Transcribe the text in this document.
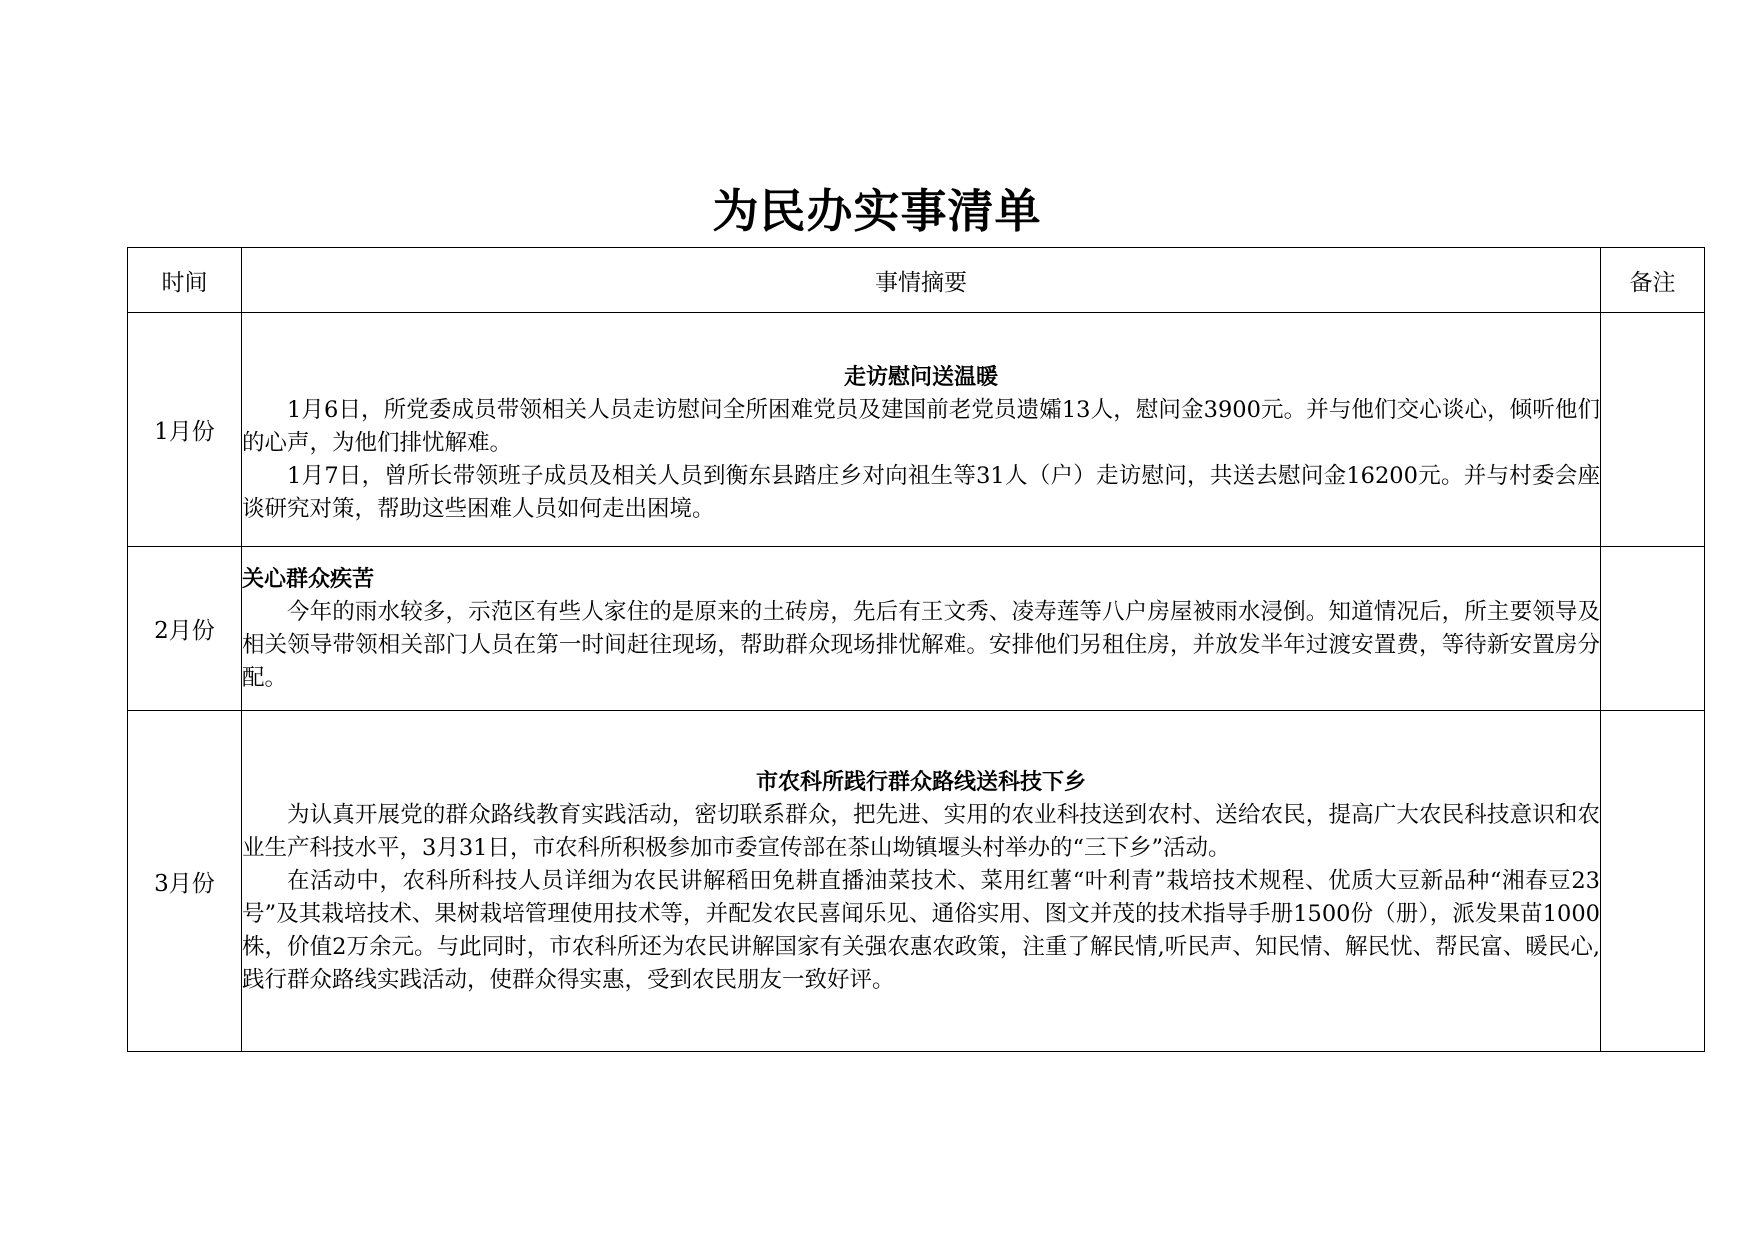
为民办实事清单
时间	事情摘要	备注
1月份	走访慰问送温暖

1月6日，所党委成员带领相关人员走访慰问全所困难党员及建国前老党员遗孀13人，慰问金3900元。并与他们交心谈心，倾听他们的心声，为他们排忧解难。

1月7日，曾所长带领班子成员及相关人员到衡东县踏庄乡对向祖生等31人（户）走访慰问，共送去慰问金16200元。并与村委会座谈研究对策，帮助这些困难人员如何走出困境。	

2月份	关心群众疾苦

今年的雨水较多，示范区有些人家住的是原来的土砖房，先后有王文秀、凌寿莲等八户房屋被雨水浸倒。知道情况后，所主要领导及相关领导带领相关部门人员在第一时间赶往现场，帮助群众现场排忧解难。安排他们另租住房，并放发半年过渡安置费，等待新安置房分配。	

3月份	市农科所践行群众路线送科技下乡

为认真开展党的群众路线教育实践活动，密切联系群众，把先进、实用的农业科技送到农村、送给农民，提高广大农民科技意识和农业生产科技水平，3月31日，市农科所积极参加市委宣传部在茶山坳镇堰头村举办的“三下乡”活动。

在活动中，农科所科技人员详细为农民讲解稻田免耕直播油菜技术、菜用红薯“叶利青”栽培技术规程、优质大豆新品种“湘春豆23号”及其栽培技术、果树栽培管理使用技术等，并配发农民喜闻乐见、通俗实用、图文并茂的技术指导手册1500份（册），派发果苗1000株，价值2万余元。与此同时，市农科所还为农民讲解国家有关强农惠农政策，注重了解民情,听民声、知民情、解民忧、帮民富、暖民心,践行群众路线实践活动，使群众得实惠，受到农民朋友一致好评。	
